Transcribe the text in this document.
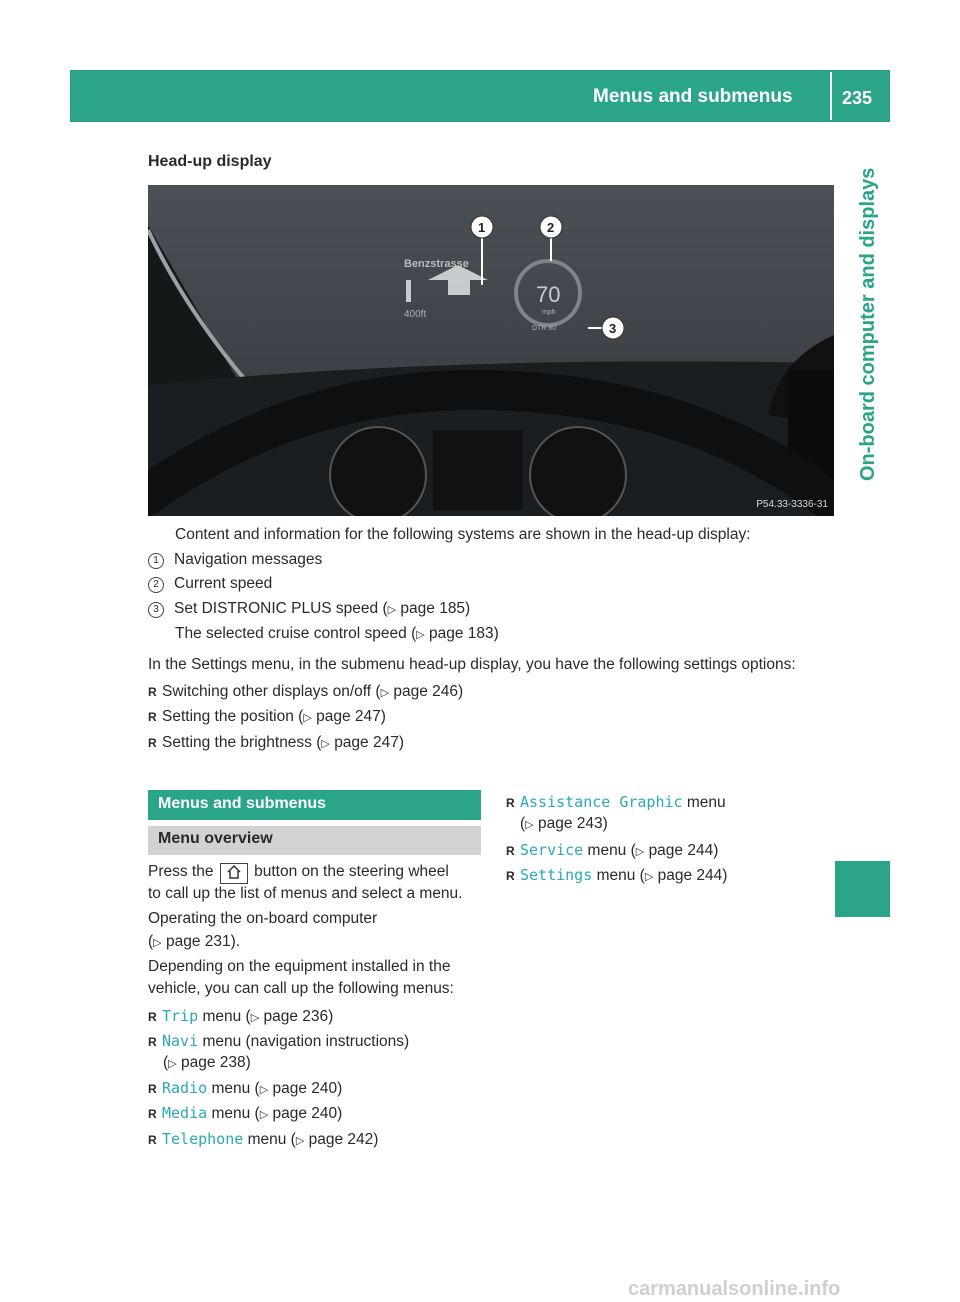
Menus and submenus	235
On-board computer and displays
Head-up display
Benzstrasse
400ft
70
mph
DTR 80
1	2
3
P54.33-3336-31
Content and information for the following systems are shown in the head-up display:
1 Navigation messages
2 Current speed
3 Set DISTRONIC PLUS speed (▷ page 185)
The selected cruise control speed (▷ page 183)
In the Settings menu, in the submenu head-up display, you have the following settings options:
R Switching other displays on/off (▷ page 246)
R Setting the position (▷ page 247)
R Setting the brightness (▷ page 247)
Menus and submenus
Menu overview
Press the	button on the steering wheel
to call up the list of menus and select a menu.
Operating the on-board computer
(▷ page 231).
Depending on the equipment installed in the
vehicle, you can call up the following menus:
R Trip menu (▷ page 236)
R Navi menu (navigation instructions)
(▷ page 238)
R Radio menu (▷ page 240)
R Media menu (▷ page 240)
R Telephone menu (▷ page 242)
R Assistance Graphic menu
(▷ page 243)
R Service menu (▷ page 244)
R Settings menu (▷ page 244)
carmanualsonline.info
